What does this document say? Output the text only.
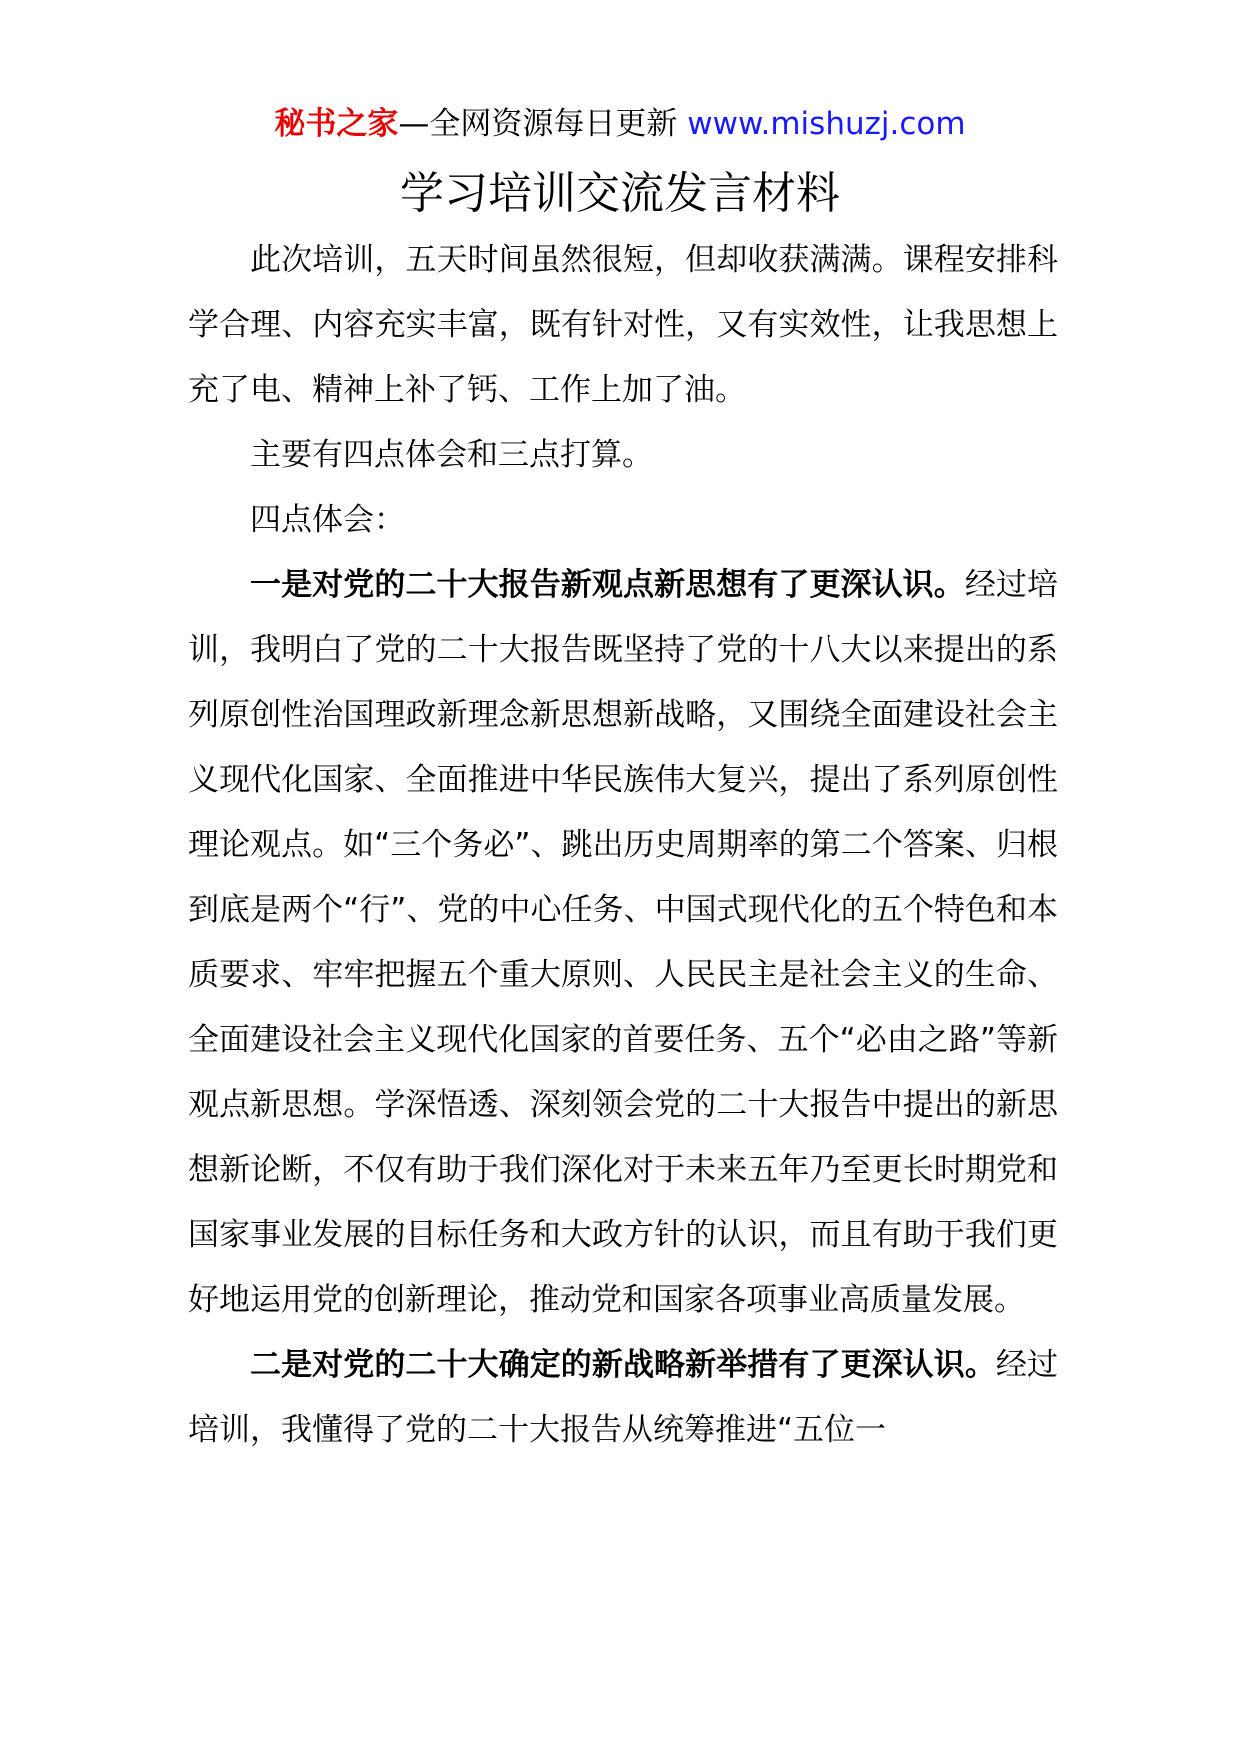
秘书之家—全网资源每日更新 www.mishuzj.com
学习培训交流发言材料

此次培训，五天时间虽然很短，但却收获满满。课程安排科学合理、内容充实丰富，既有针对性，又有实效性，让我思想上充了电、精神上补了钙、工作上加了油。

主要有四点体会和三点打算。

四点体会：

一是对党的二十大报告新观点新思想有了更深认识。经过培训，我明白了党的二十大报告既坚持了党的十八大以来提出的系列原创性治国理政新理念新思想新战略，又围绕全面建设社会主义现代化国家、全面推进中华民族伟大复兴，提出了系列原创性理论观点。如“三个务必”、跳出历史周期率的第二个答案、归根到底是两个“行”、党的中心任务、中国式现代化的五个特色和本质要求、牢牢把握五个重大原则、人民民主是社会主义的生命、全面建设社会主义现代化国家的首要任务、五个“必由之路”等新观点新思想。学深悟透、深刻领会党的二十大报告中提出的新思想新论断，不仅有助于我们深化对于未来五年乃至更长时期党和国家事业发展的目标任务和大政方针的认识，而且有助于我们更好地运用党的创新理论，推动党和国家各项事业高质量发展。

二是对党的二十大确定的新战略新举措有了更深认识。经过培训，我懂得了党的二十大报告从统筹推进“五位一
